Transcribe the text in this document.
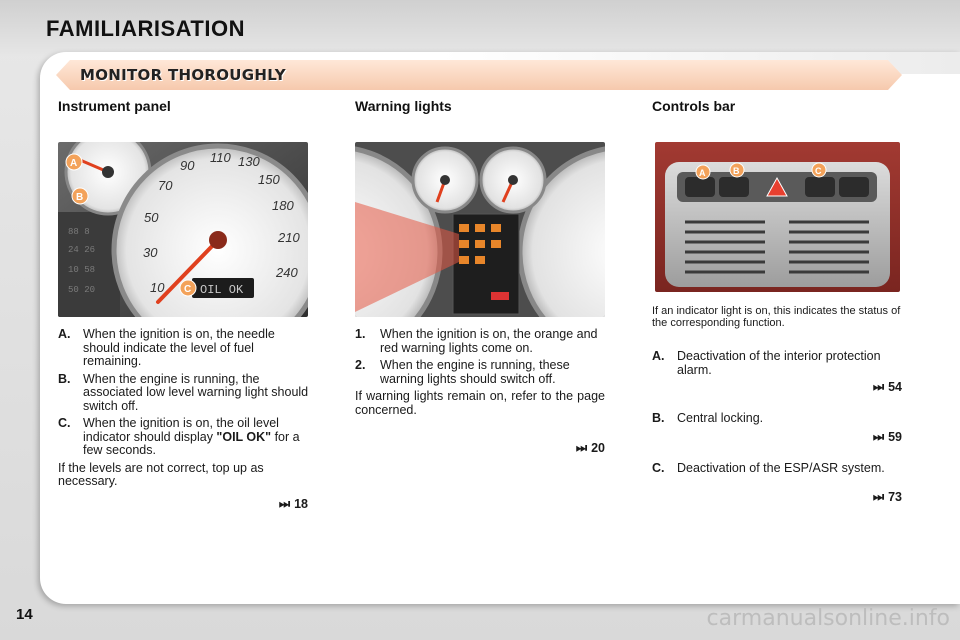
FAMILIARISATION
MONITOR THOROUGHLY
Instrument panel	Warning lights	Controls bar
88 8
24 26
10 58
50 20	10
30
50
70
90
110 130
150
180
210
240
OIL OK
A
B
C
A	B	C
A.	When the ignition is on, the needle should indicate the level of fuel remaining.
B.	When the engine is running, the associated low level warning light should switch off.
C.	When the ignition is on, the oil level indicator should display "OIL OK" for a few seconds.
If the levels are not correct, top up as necessary.
⏭ 18
1.	When the ignition is on, the orange and red warning lights come on.
2.	When the engine is running, these warning lights should switch off.
If warning lights remain on, refer to the page concerned.
⏭ 20
If an indicator light is on, this indicates the status of the corresponding function.
A.	Deactivation of the interior protection alarm.
⏭ 54
B.	Central locking.
⏭ 59
C.	Deactivation of the ESP/ASR system.
⏭ 73
14	carmanualsonline.info
